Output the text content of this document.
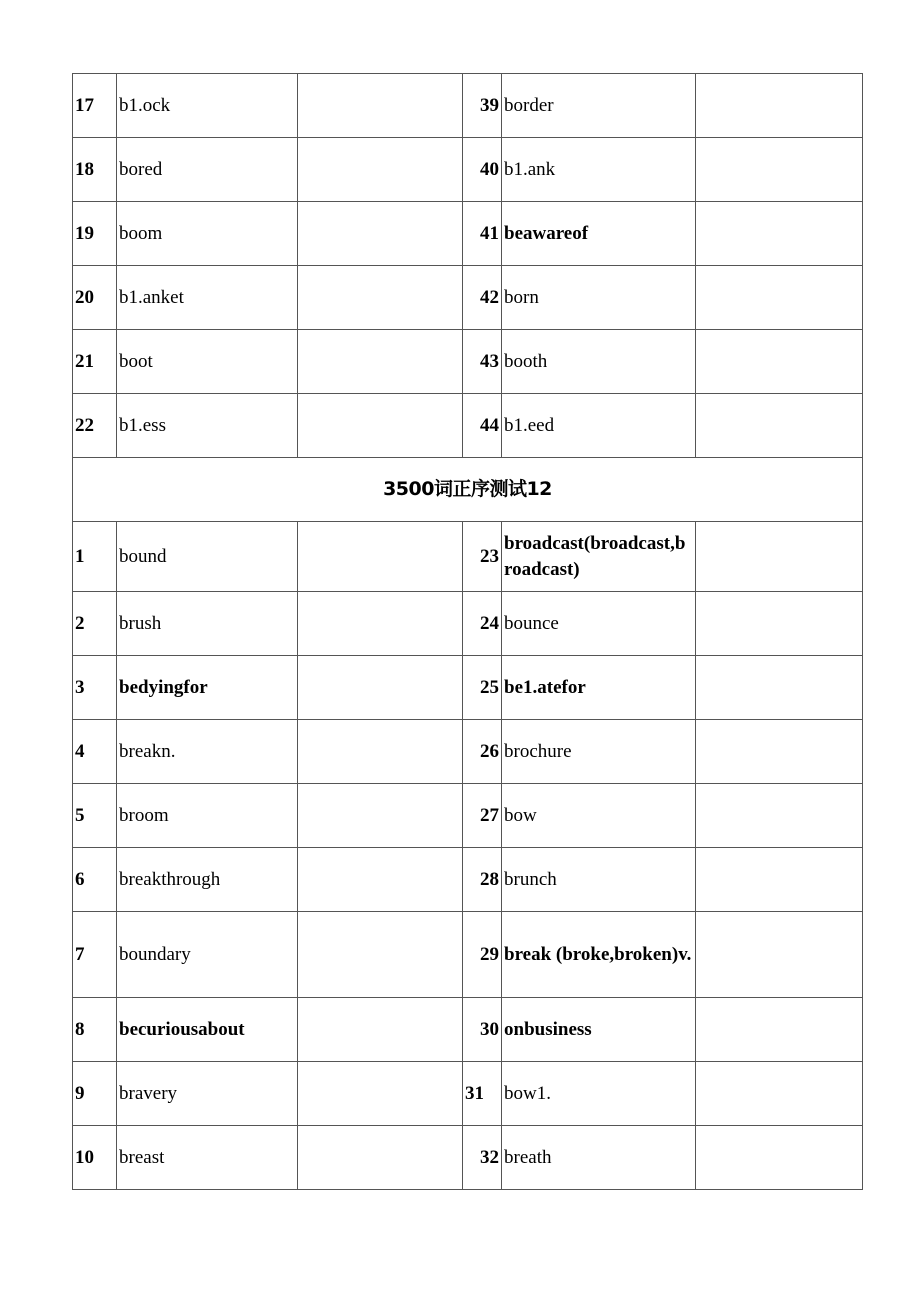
17	b1.ock		39	border	
18	bored		40	b1.ank	
19	boom		41	beawareof	
20	b1.anket		42	born	
21	boot		43	booth	
22	b1.ess		44	b1.eed	
3500词正序测试12					
1	bound		23	broadcast(broadcast,broadcast)	
2	brush		24	bounce	
3	bedyingfor		25	be1.atefor	
4	breakn.		26	brochure	
5	broom		27	bow	
6	breakthrough		28	brunch	
7	boundary		29	break (broke,broken)v.	
8	becuriousabout		30	onbusiness	
9	bravery		31	bow1.	
10	breast		32	breath	
